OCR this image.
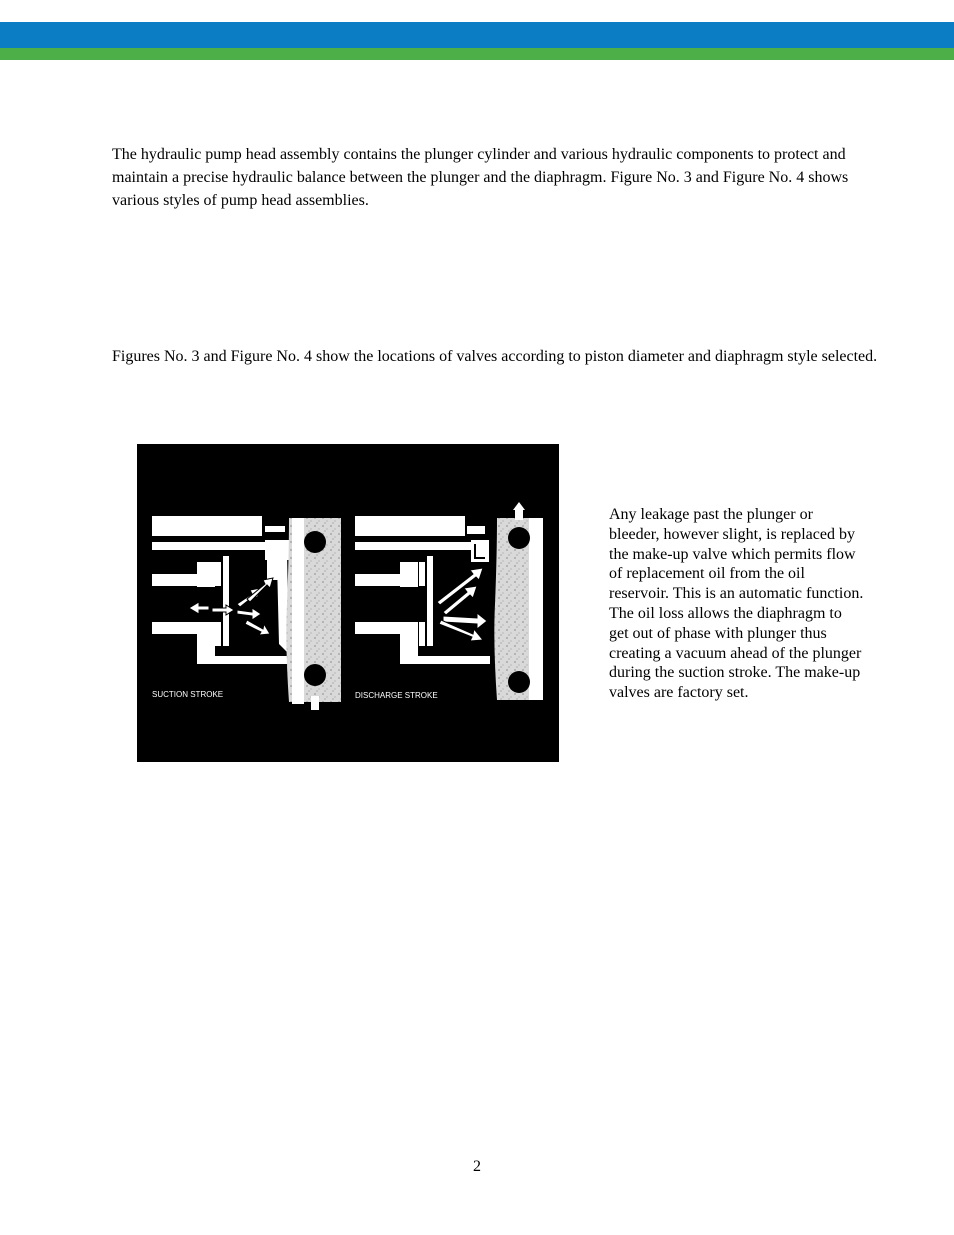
The hydraulic pump head assembly contains the plunger cylinder and various hydraulic components to protect and maintain a precise hydraulic balance between the plunger and the diaphragm. Figure No. 3 and Figure No. 4 shows various styles of pump head assemblies.

Figures No. 3 and Figure No. 4 show the locations of valves according to piston diameter and diaphragm style selected.

SUCTION STROKE	DISCHARGE STROKE

Any leakage past the plunger or bleeder, however slight, is replaced by the make-up valve which permits flow of replacement oil from the oil reservoir. This is an automatic function. The oil loss allows the diaphragm to get out of phase with plunger thus creating a vacuum ahead of the plunger during the suction stroke. The make-up valves are factory set.

2
